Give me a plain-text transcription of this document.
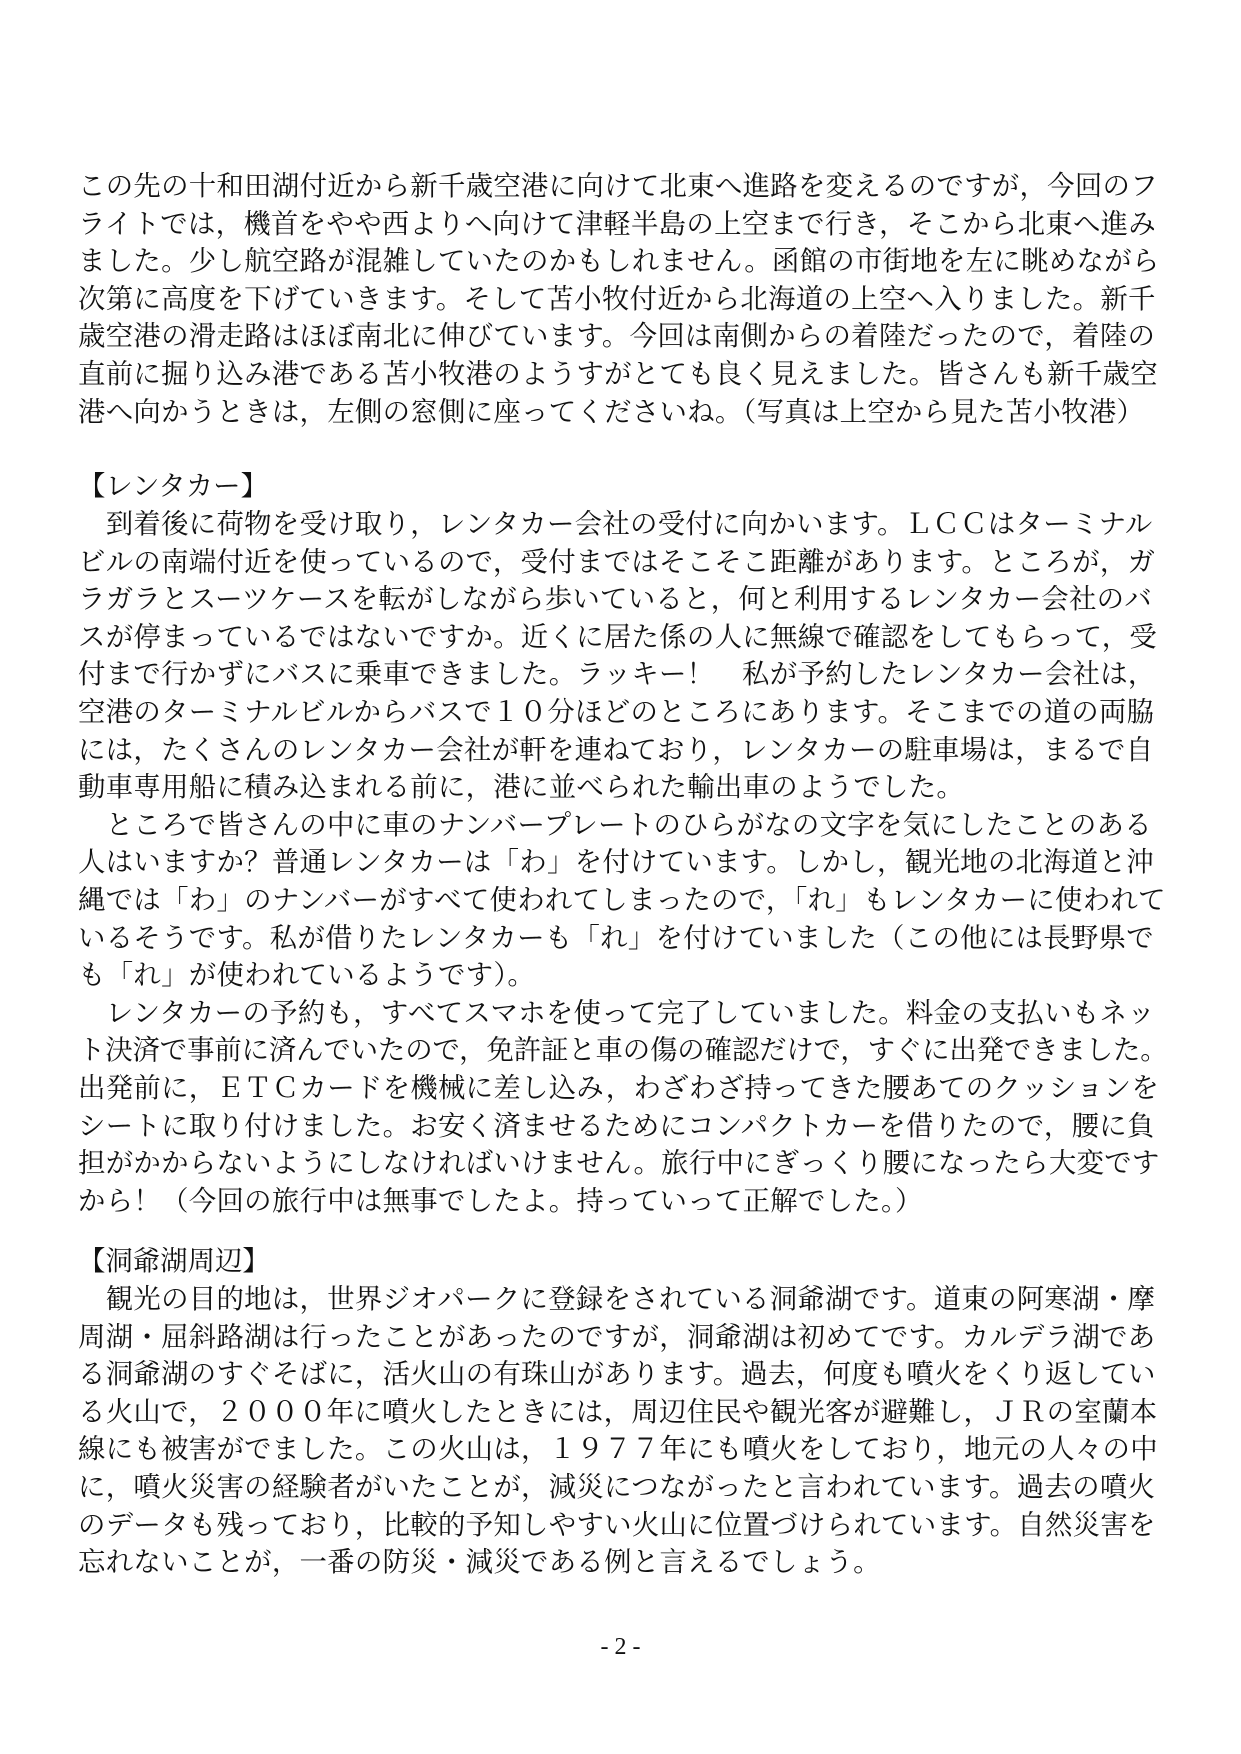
この先の十和田湖付近から新千歳空港に向けて北東へ進路を変えるのですが，今回のフ
ライトでは，機首をやや西よりへ向けて津軽半島の上空まで行き，そこから北東へ進み
ました。少し航空路が混雑していたのかもしれません。函館の市街地を左に眺めながら
次第に高度を下げていきます。そして苫小牧付近から北海道の上空へ入りました。新千
歳空港の滑走路はほぼ南北に伸びています。今回は南側からの着陸だったので，着陸の
直前に掘り込み港である苫小牧港のようすがとても良く見えました。皆さんも新千歳空
港へ向かうときは，左側の窓側に座ってくださいね。（写真は上空から見た苫小牧港）
【レンタカー】
　到着後に荷物を受け取り，レンタカー会社の受付に向かいます。ＬＣＣはターミナル
ビルの南端付近を使っているので，受付まではそこそこ距離があります。ところが，ガ
ラガラとスーツケースを転がしながら歩いていると，何と利用するレンタカー会社のバ
スが停まっているではないですか。近くに居た係の人に無線で確認をしてもらって，受
付まで行かずにバスに乗車できました。ラッキー！　私が予約したレンタカー会社は，
空港のターミナルビルからバスで１０分ほどのところにあります。そこまでの道の両脇
には，たくさんのレンタカー会社が軒を連ねており，レンタカーの駐車場は，まるで自
動車専用船に積み込まれる前に，港に並べられた輸出車のようでした。
　ところで皆さんの中に車のナンバープレートのひらがなの文字を気にしたことのある
人はいますか？普通レンタカーは「わ」を付けています。しかし，観光地の北海道と沖
縄では「わ」のナンバーがすべて使われてしまったので，「れ」もレンタカーに使われて
いるそうです。私が借りたレンタカーも「れ」を付けていました（この他には長野県で
も「れ」が使われているようです）。
　レンタカーの予約も，すべてスマホを使って完了していました。料金の支払いもネッ
ト決済で事前に済んでいたので，免許証と車の傷の確認だけで，すぐに出発できました。
出発前に，ＥＴＣカードを機械に差し込み，わざわざ持ってきた腰あてのクッションを
シートに取り付けました。お安く済ませるためにコンパクトカーを借りたので，腰に負
担がかからないようにしなければいけません。旅行中にぎっくり腰になったら大変です
から！（今回の旅行中は無事でしたよ。持っていって正解でした。）
【洞爺湖周辺】
　観光の目的地は，世界ジオパークに登録をされている洞爺湖です。道東の阿寒湖・摩
周湖・屈斜路湖は行ったことがあったのですが，洞爺湖は初めてです。カルデラ湖であ
る洞爺湖のすぐそばに，活火山の有珠山があります。過去，何度も噴火をくり返してい
る火山で，２０００年に噴火したときには，周辺住民や観光客が避難し，ＪＲの室蘭本
線にも被害がでました。この火山は，１９７７年にも噴火をしており，地元の人々の中
に，噴火災害の経験者がいたことが，減災につながったと言われています。過去の噴火
のデータも残っており，比較的予知しやすい火山に位置づけられています。自然災害を
忘れないことが，一番の防災・減災である例と言えるでしょう。
- 2 -
